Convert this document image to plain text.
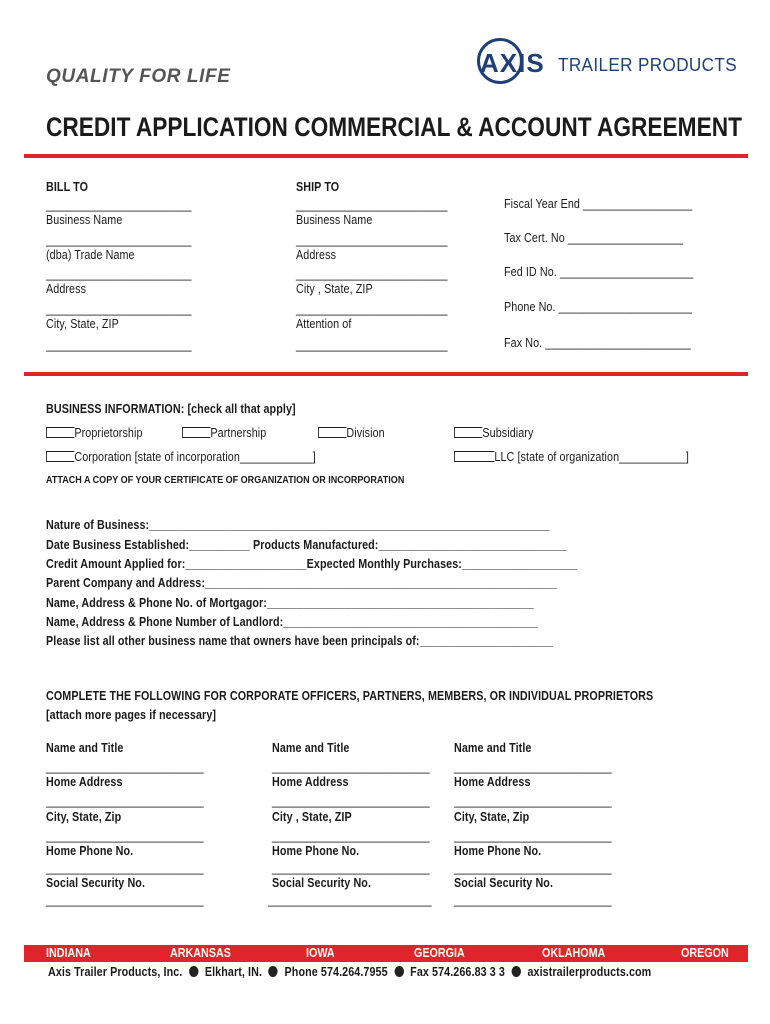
QUALITY FOR LIFE	AXIS TRAILER PRODUCTS
CREDIT APPLICATION COMMERCIAL & ACCOUNT AGREEMENT
BILL TO
________________________
Business Name
________________________
(dba) Trade Name
________________________
Address
________________________
City, State, ZIP
________________________
SHIP TO
_________________________
Business Name
_________________________
Address
_________________________
City , State, ZIP
_________________________
Attention of
_________________________
Fiscal Year End __________________
Tax Cert. No ___________________
Fed ID No. ______________________
Phone No. ______________________
Fax No. ________________________
BUSINESS INFORMATION: [check all that apply]
Proprietorship	Partnership	Division	Subsidiary
Corporation [state of incorporation____________]	LLC [state of organization___________]
ATTACH A COPY OF YOUR CERTIFICATE OF ORGANIZATION OR INCORPORATION
Nature of Business:__________________________________________________________________
Date Business Established:__________ Products Manufactured:_______________________________
Credit Amount Applied for:____________________Expected Monthly Purchases:___________________
Parent Company and Address:__________________________________________________________
Name, Address & Phone No. of Mortgagor:____________________________________________
Name, Address & Phone Number of Landlord:__________________________________________
Please list all other business name that owners have been principals of:______________________
COMPLETE THE FOLLOWING FOR CORPORATE OFFICERS, PARTNERS, MEMBERS, OR INDIVIDUAL PROPRIETORS
[attach more pages if necessary]
Name and Title
__________________________
Home Address
__________________________
City, State, Zip
__________________________
Home Phone No.
__________________________
Social Security No.
__________________________
Name and Title
__________________________
Home Address
__________________________
City , State, ZIP
__________________________
Home Phone No.
__________________________
Social Security No.
___________________________
Name and Title
__________________________
Home Address
__________________________
City, State, Zip
__________________________
Home Phone No.
__________________________
Social Security No.
__________________________
INDIANA	ARKANSAS	IOWA	GEORGIA	OKLAHOMA	OREGON
Axis Trailer Products, Inc. Elkhart, IN. Phone 574.264.7955 Fax 574.266.83 3 3 axistrailerproducts.com
